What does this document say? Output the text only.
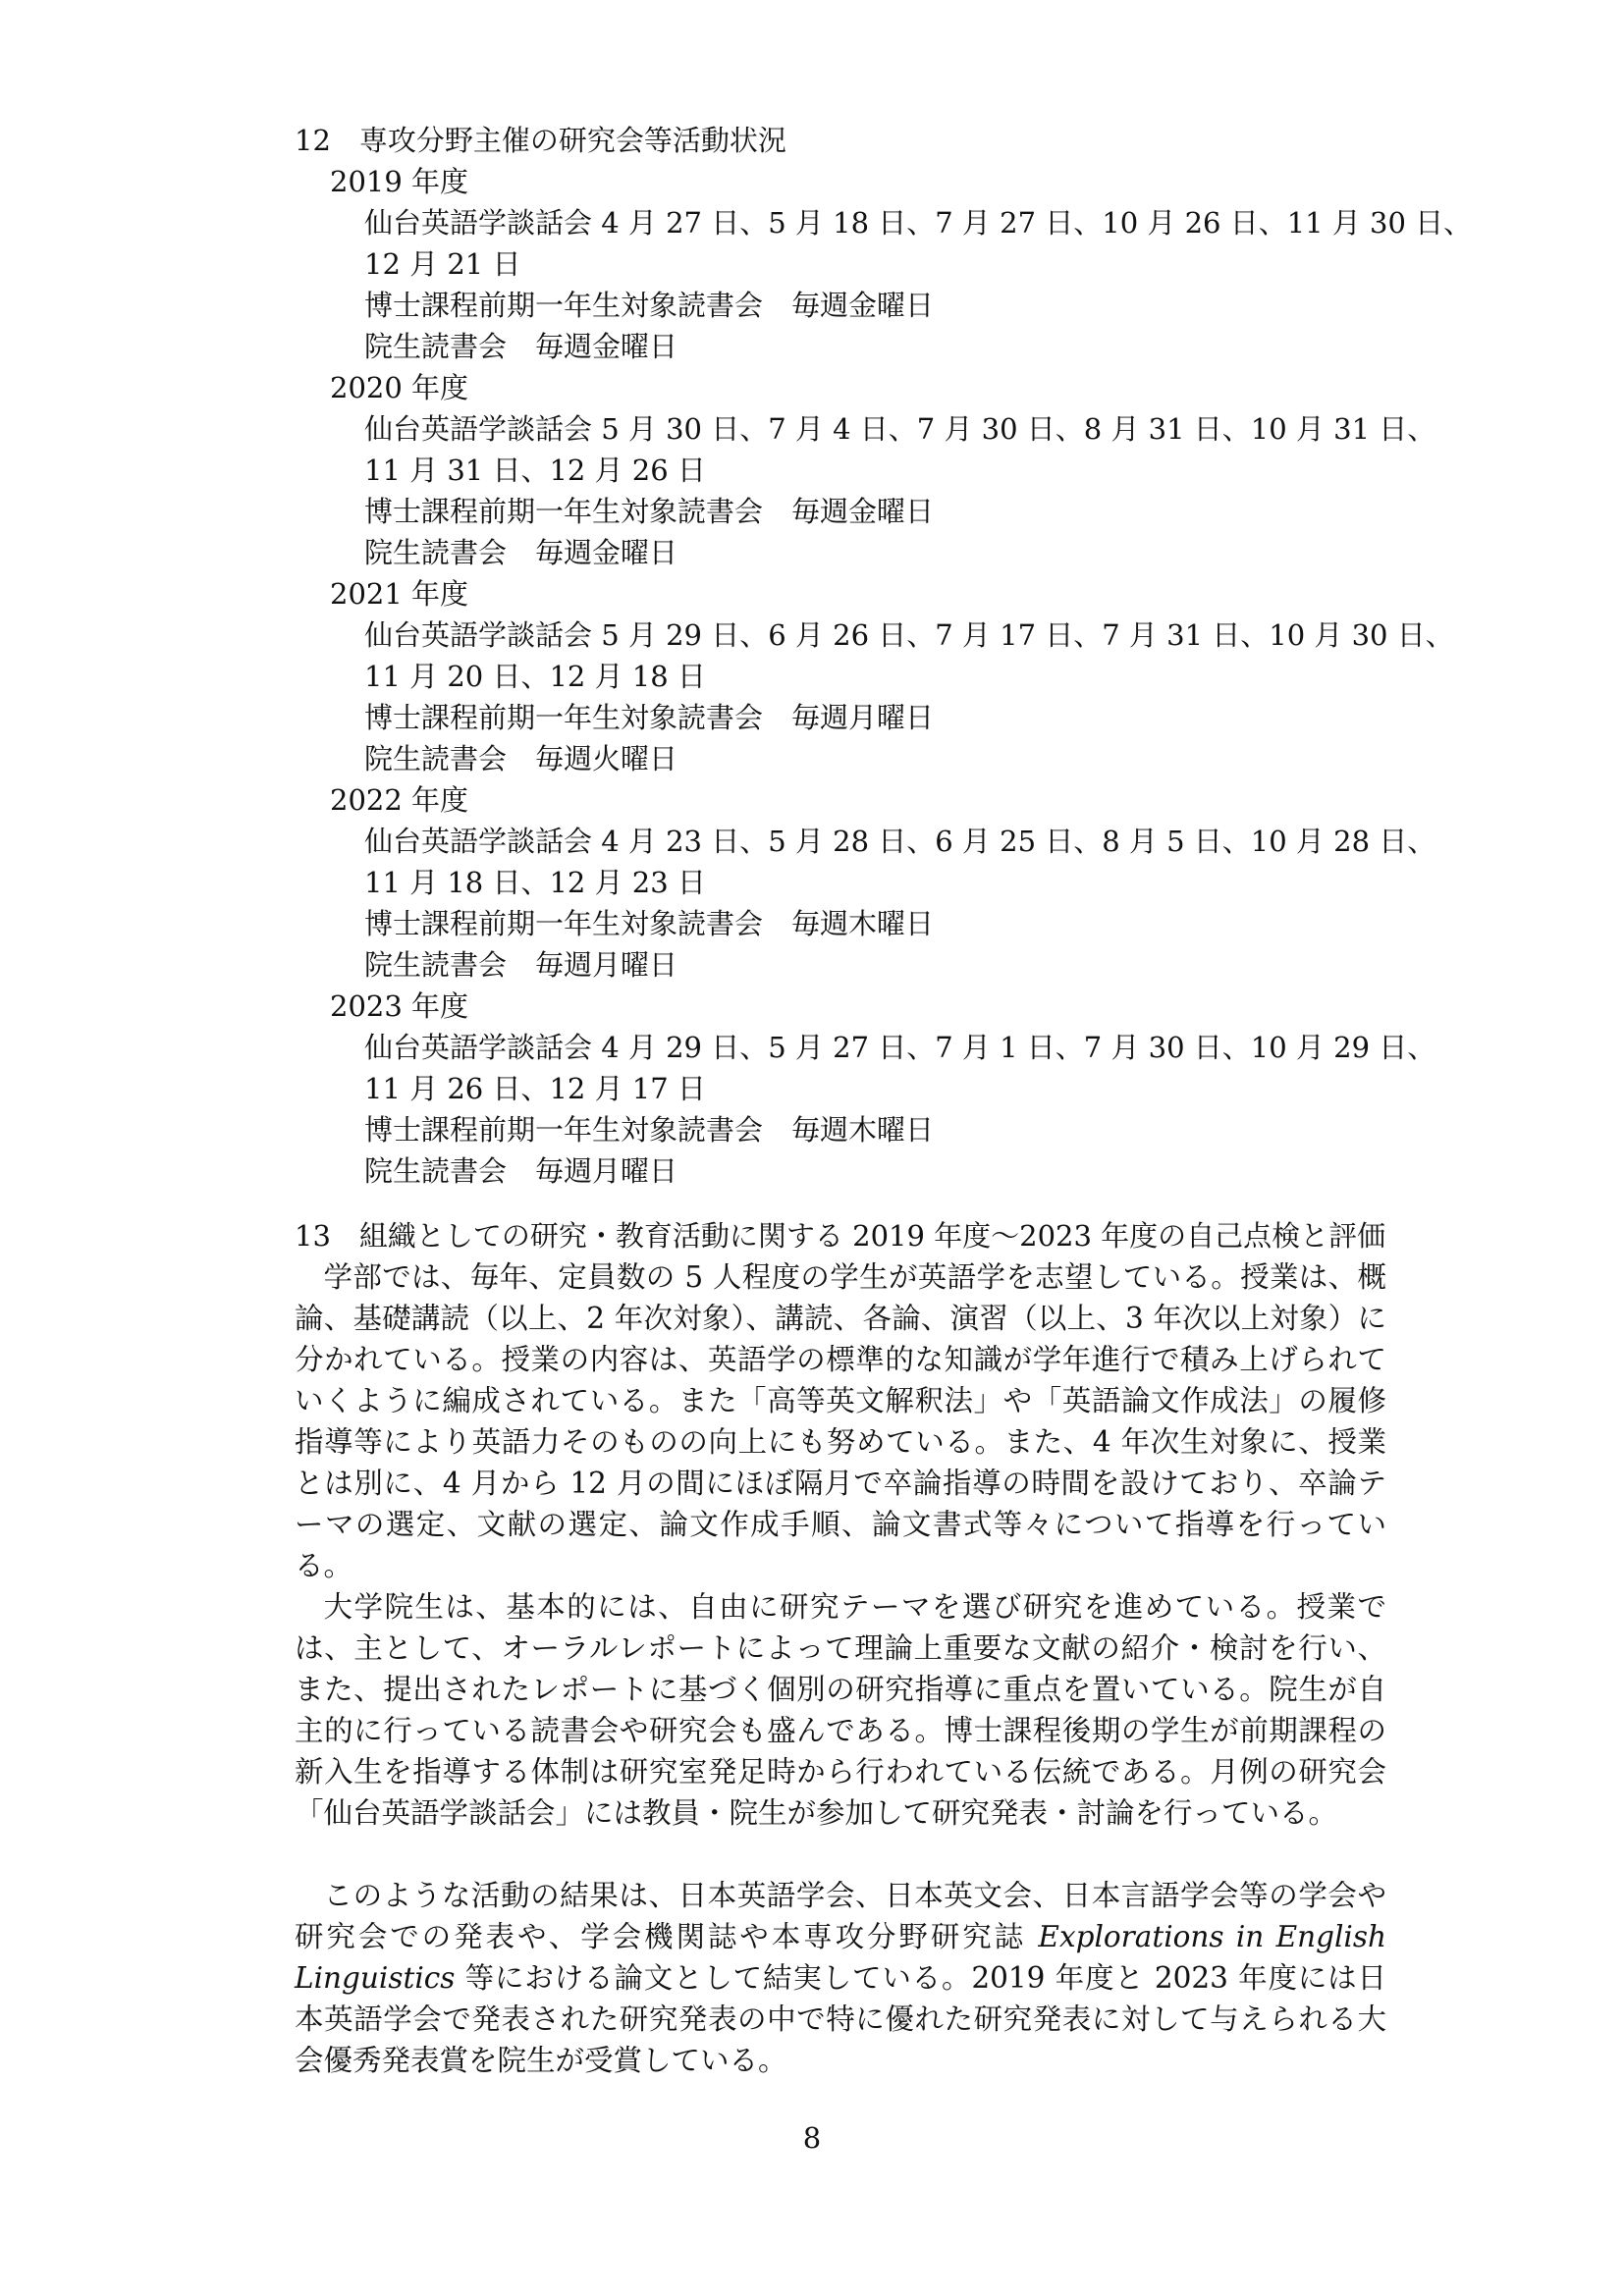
12　専攻分野主催の研究会等活動状況
2019 年度
仙台英語学談話会 4 月 27 日、5 月 18 日、7 月 27 日、10 月 26 日、11 月 30 日、
12 月 21 日
博士課程前期一年生対象読書会　毎週金曜日
院生読書会　毎週金曜日
2020 年度
仙台英語学談話会 5 月 30 日、7 月 4 日、7 月 30 日、8 月 31 日、10 月 31 日、
11 月 31 日、12 月 26 日
博士課程前期一年生対象読書会　毎週金曜日
院生読書会　毎週金曜日
2021 年度
仙台英語学談話会 5 月 29 日、6 月 26 日、7 月 17 日、7 月 31 日、10 月 30 日、
11 月 20 日、12 月 18 日
博士課程前期一年生対象読書会　毎週月曜日
院生読書会　毎週火曜日
2022 年度
仙台英語学談話会 4 月 23 日、5 月 28 日、6 月 25 日、8 月 5 日、10 月 28 日、
11 月 18 日、12 月 23 日
博士課程前期一年生対象読書会　毎週木曜日
院生読書会　毎週月曜日
2023 年度
仙台英語学談話会 4 月 29 日、5 月 27 日、7 月 1 日、7 月 30 日、10 月 29 日、
11 月 26 日、12 月 17 日
博士課程前期一年生対象読書会　毎週木曜日
院生読書会　毎週月曜日
13　組織としての研究・教育活動に関する 2019 年度～2023 年度の自己点検と評価

学部では、毎年、定員数の 5 人程度の学生が英語学を志望している。授業は、概論、基礎講読（以上、2 年次対象）、講読、各論、演習（以上、3 年次以上対象）に分かれている。授業の内容は、英語学の標準的な知識が学年進行で積み上げられていくように編成されている。また「高等英文解釈法」や「英語論文作成法」の履修指導等により英語力そのものの向上にも努めている。また、4 年次生対象に、授業とは別に、4 月から 12 月の間にほぼ隔月で卒論指導の時間を設けており、卒論テーマの選定、文献の選定、論文作成手順、論文書式等々について指導を行っている。

大学院生は、基本的には、自由に研究テーマを選び研究を進めている。授業では、主として、オーラルレポートによって理論上重要な文献の紹介・検討を行い、また、提出されたレポートに基づく個別の研究指導に重点を置いている。院生が自主的に行っている読書会や研究会も盛んである。博士課程後期の学生が前期課程の新入生を指導する体制は研究室発足時から行われている伝統である。月例の研究会「仙台英語学談話会」には教員・院生が参加して研究発表・討論を行っている。

このような活動の結果は、日本英語学会、日本英文会、日本言語学会等の学会や研究会での発表や、学会機関誌や本専攻分野研究誌 Explorations in English Linguistics 等における論文として結実している。2019 年度と 2023 年度には日本英語学会で発表された研究発表の中で特に優れた研究発表に対して与えられる大会優秀発表賞を院生が受賞している。

8
